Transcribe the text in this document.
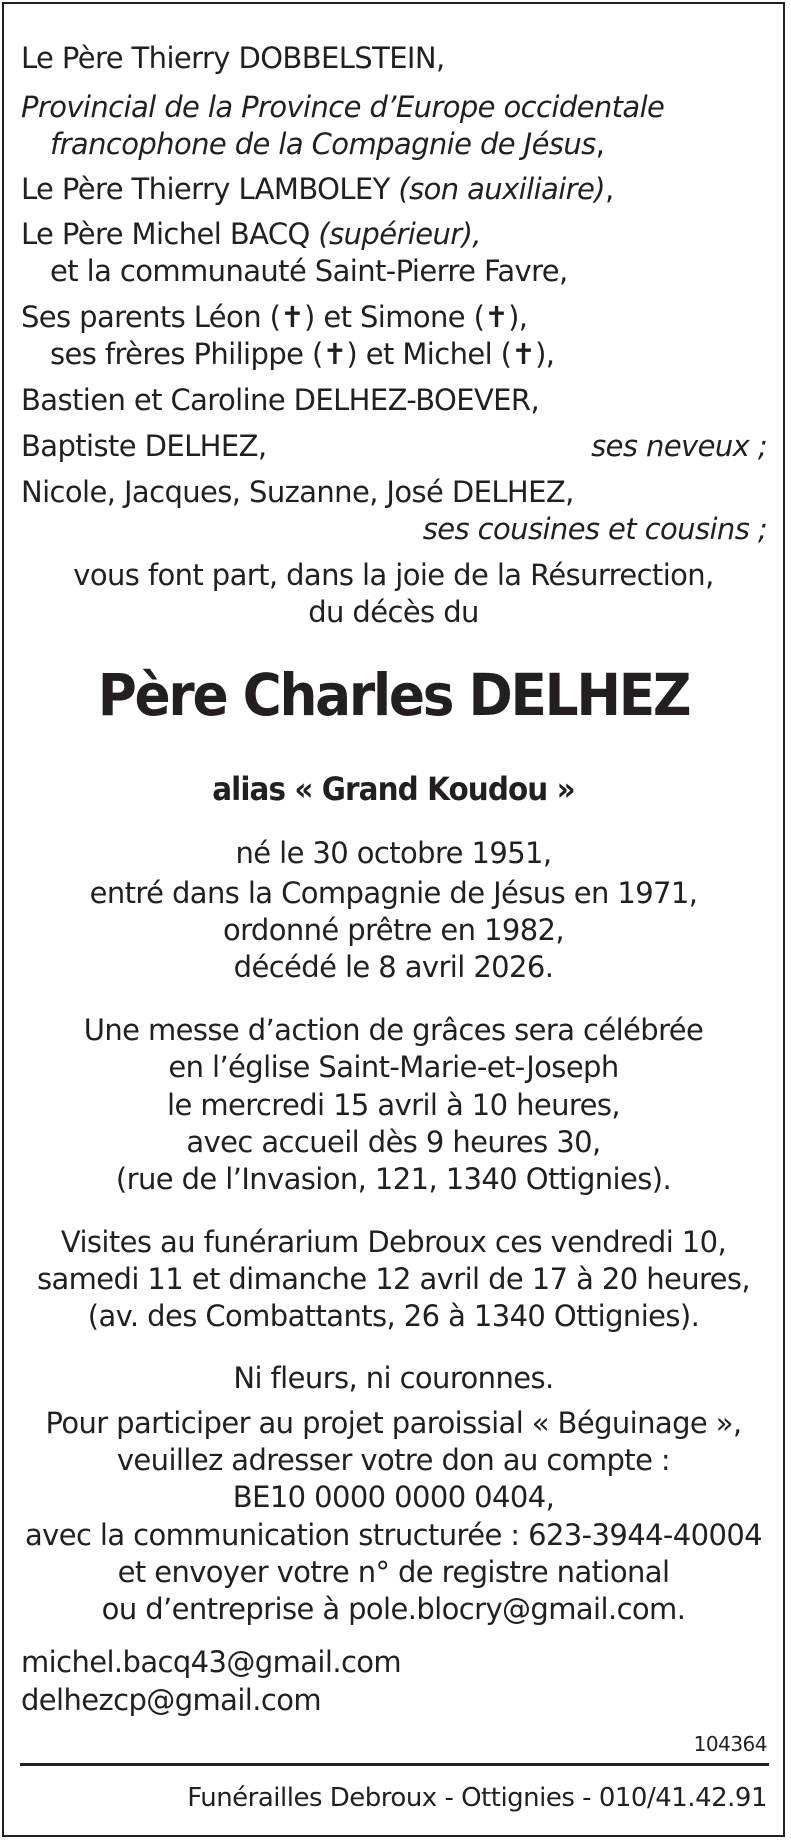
Le Père Thierry DOBBELSTEIN,
Provincial de la Province d’Europe occidentale
francophone de la Compagnie de Jésus,
Le Père Thierry LAMBOLEY (son auxiliaire),
Le Père Michel BACQ (supérieur),
et la communauté Saint-Pierre Favre,
Ses parents Léon (✝) et Simone (✝),
ses frères Philippe (✝) et Michel (✝),
Bastien et Caroline DELHEZ-BOEVER,
Baptiste DELHEZ,	ses neveux ;
Nicole, Jacques, Suzanne, José DELHEZ,
ses cousines et cousins ;
vous font part, dans la joie de la Résurrection,
du décès du
Père Charles DELHEZ
alias « Grand Koudou »
né le 30 octobre 1951,
entré dans la Compagnie de Jésus en 1971,
ordonné prêtre en 1982,
décédé le 8 avril 2026.
Une messe d’action de grâces sera célébrée
en l’église Saint-Marie-et-Joseph
le mercredi 15 avril à 10 heures,
avec accueil dès 9 heures 30,
(rue de l’Invasion, 121, 1340 Ottignies).
Visites au funérarium Debroux ces vendredi 10,
samedi 11 et dimanche 12 avril de 17 à 20 heures,
(av. des Combattants, 26 à 1340 Ottignies).
Ni fleurs, ni couronnes.
Pour participer au projet paroissial « Béguinage »,
veuillez adresser votre don au compte :
BE10 0000 0000 0404,
avec la communication structurée : 623-3944-40004
et envoyer votre n° de registre national
ou d’entreprise à pole.blocry@gmail.com.
michel.bacq43@gmail.com
delhezcp@gmail.com
104364
Funérailles Debroux - Ottignies - 010/41.42.91
